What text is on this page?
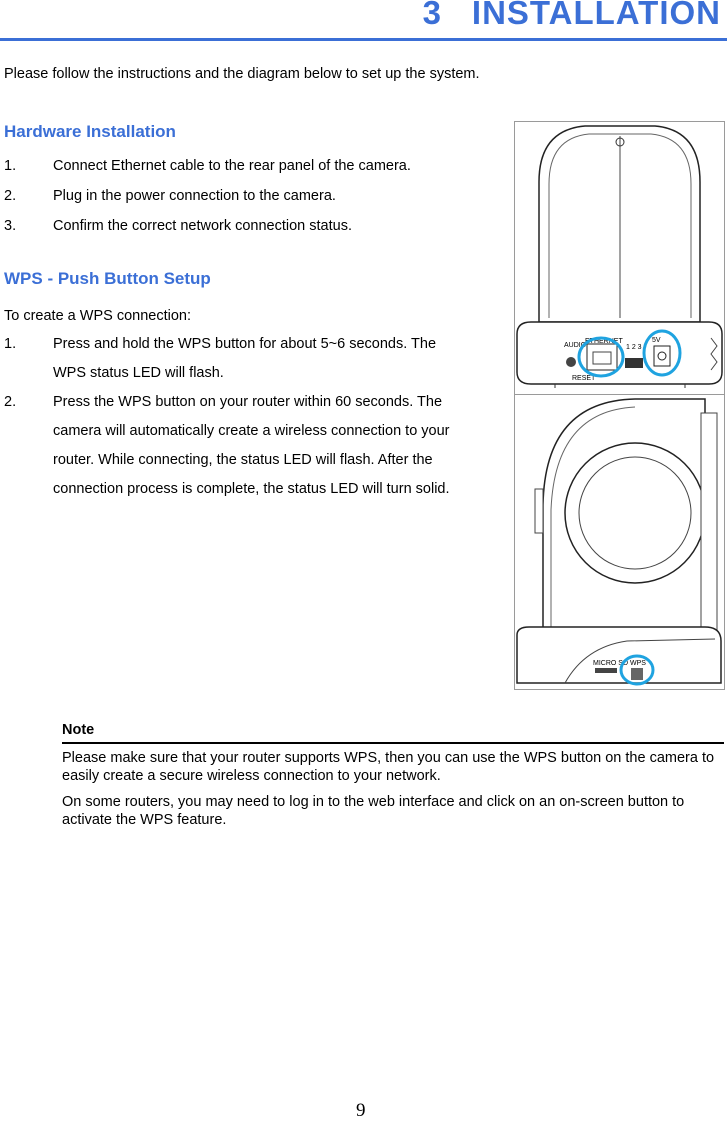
3 INSTALLATION
Please follow the instructions and the diagram below to set up the system.
Hardware Installation
1.	Connect Ethernet cable to the rear panel of the camera.
2.	Plug in the power connection to the camera.
3.	Confirm the correct network connection status.
WPS - Push Button Setup
To create a WPS connection:
1.	Press and hold the WPS button for about 5~6 seconds. The
WPS status LED will flash.
2.	Press the WPS button on your router within 60 seconds. The
camera will automatically create a wireless connection to your
router. While connecting, the status LED will flash. After the
connection process is complete, the status LED will turn solid.
AUDIO
ETHERNET
RESET
1 2 3
5V
MICRO SD WPS
Note
Please make sure that your router supports WPS, then you can use the WPS button on the camera to easily create a secure wireless connection to your network.
On some routers, you may need to log in to the web interface and click on an on-screen button to activate the WPS feature.
9
